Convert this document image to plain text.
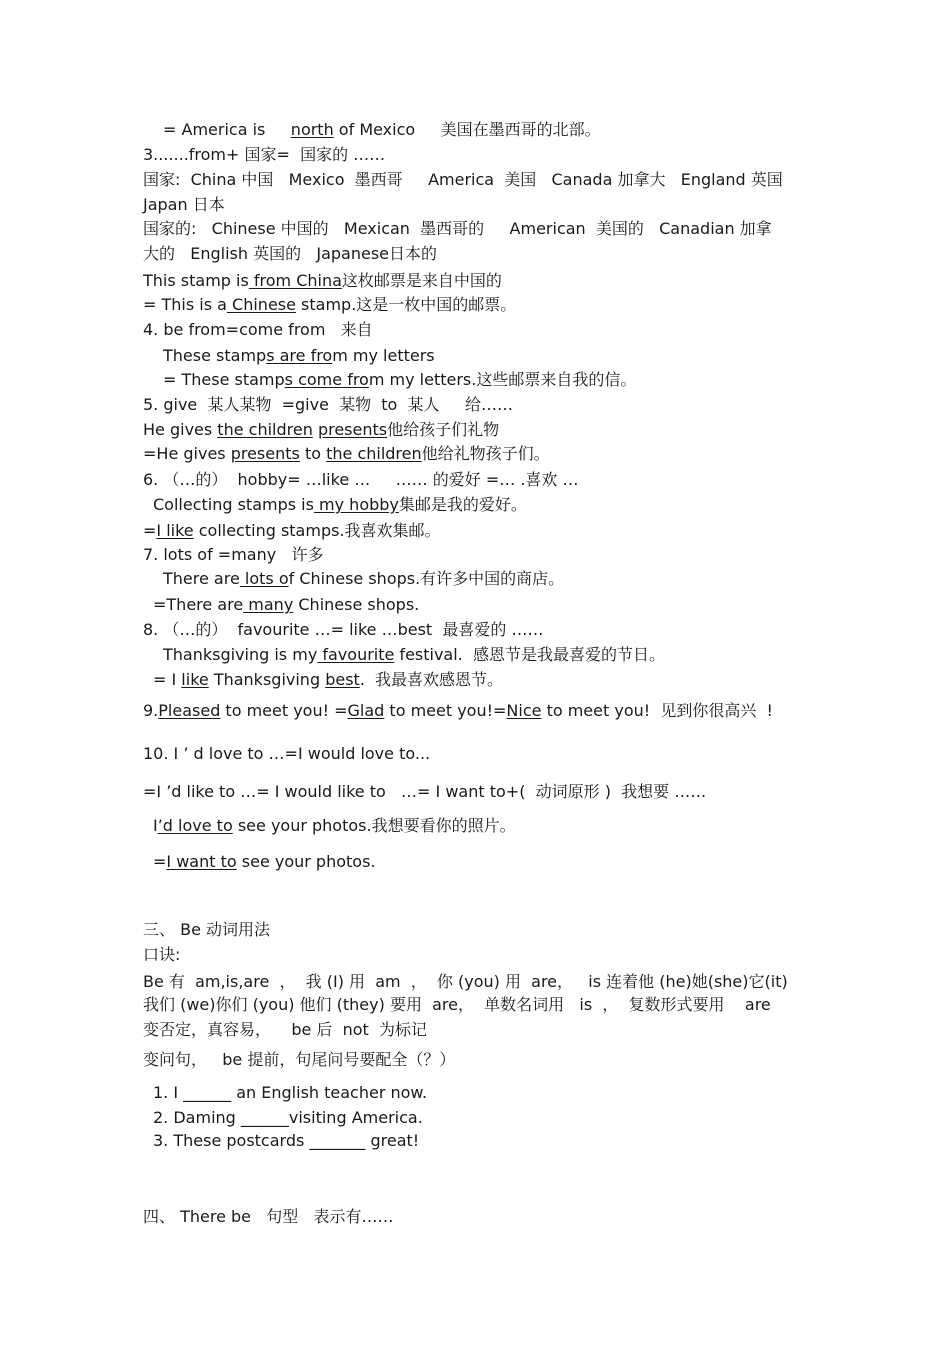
= America is     north of Mexico     美国在墨西哥的北部。
3.......from+ 国家=  国家的 ……
国家:  China 中国   Mexico  墨西哥     America  美国   Canada 加拿大   England 英国
Japan 日本
国家的:   Chinese 中国的   Mexican  墨西哥的     American  美国的   Canadian 加拿
大的   English 英国的   Japanese日本的
This stamp is from China这枚邮票是来自中国的
= This is a Chinese stamp.这是一枚中国的邮票。
4. be from=come from   来自
These stamps are from my letters
= These stamps come from my letters.这些邮票来自我的信。
5. give  某人某物  =give  某物  to  某人     给……
He gives the children presents他给孩子们礼物
=He gives presents to the children他给礼物孩子们。
6. （…的）  hobby= …like …     …… 的爱好 =… .喜欢 …
Collecting stamps is my hobby集邮是我的爱好。
=I like collecting stamps.我喜欢集邮。
7. lots of =many   许多
There are lots of Chinese shops.有许多中国的商店。
=There are many Chinese shops.
8. （…的）  favourite …= like …best  最喜爱的 ……
Thanksgiving is my favourite festival.  感恩节是我最喜爱的节日。
= I like Thanksgiving best.  我最喜欢感恩节。
9.Pleased to meet you! =Glad to meet you!=Nice to meet you!  见到你很高兴  !
10. I ’ d love to …=I would love to...
=I ’d like to …= I would like to   …= I want to+(  动词原形 )  我想要 ……
I’d love to see your photos.我想要看你的照片。
=I want to see your photos.
三、 Be 动词用法
口诀:
Be 有  am,is,are  ，  我 (I) 用  am  ，  你 (you) 用  are，   is 连着他 (he)她(she)它(it)
我们 (we)你们 (you) 他们 (they) 要用  are，  单数名词用   is  ，  复数形式要用    are
变否定，真容易，    be 后  not  为标记
变问句，   be 提前，句尾问号要配全（？）
1. I ______ an English teacher now.
2. Daming ______visiting America.
3. These postcards _______ great!
四、 There be   句型   表示有……
